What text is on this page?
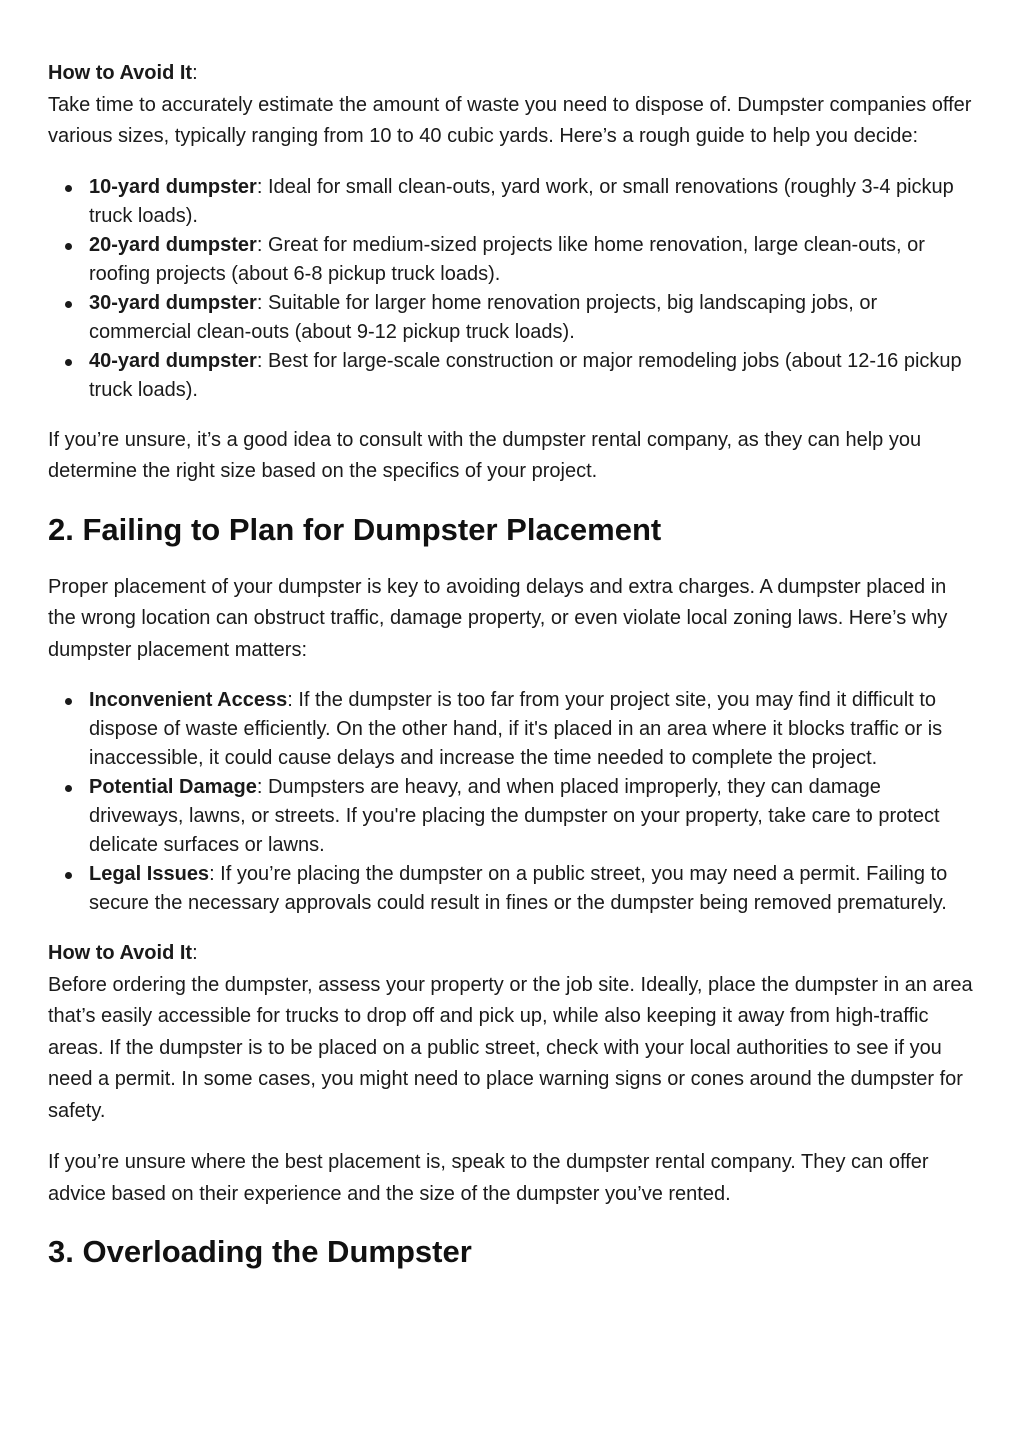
How to Avoid It:

Take time to accurately estimate the amount of waste you need to dispose of. Dumpster companies offer various sizes, typically ranging from 10 to 40 cubic yards. Here’s a rough guide to help you decide:

10-yard dumpster: Ideal for small clean-outs, yard work, or small renovations (roughly 3-4 pickup truck loads).
20-yard dumpster: Great for medium-sized projects like home renovation, large clean-outs, or roofing projects (about 6-8 pickup truck loads).
30-yard dumpster: Suitable for larger home renovation projects, big landscaping jobs, or commercial clean-outs (about 9-12 pickup truck loads).
40-yard dumpster: Best for large-scale construction or major remodeling jobs (about 12-16 pickup truck loads).

If you’re unsure, it’s a good idea to consult with the dumpster rental company, as they can help you determine the right size based on the specifics of your project.

2. Failing to Plan for Dumpster Placement

Proper placement of your dumpster is key to avoiding delays and extra charges. A dumpster placed in the wrong location can obstruct traffic, damage property, or even violate local zoning laws. Here’s why dumpster placement matters:

Inconvenient Access: If the dumpster is too far from your project site, you may find it difficult to dispose of waste efficiently. On the other hand, if it's placed in an area where it blocks traffic or is inaccessible, it could cause delays and increase the time needed to complete the project.
Potential Damage: Dumpsters are heavy, and when placed improperly, they can damage driveways, lawns, or streets. If you're placing the dumpster on your property, take care to protect delicate surfaces or lawns.
Legal Issues: If you’re placing the dumpster on a public street, you may need a permit. Failing to secure the necessary approvals could result in fines or the dumpster being removed prematurely.
How to Avoid It:

Before ordering the dumpster, assess your property or the job site. Ideally, place the dumpster in an area that’s easily accessible for trucks to drop off and pick up, while also keeping it away from high-traffic areas. If the dumpster is to be placed on a public street, check with your local authorities to see if you need a permit. In some cases, you might need to place warning signs or cones around the dumpster for safety.

If you’re unsure where the best placement is, speak to the dumpster rental company. They can offer advice based on their experience and the size of the dumpster you’ve rented.

3. Overloading the Dumpster
